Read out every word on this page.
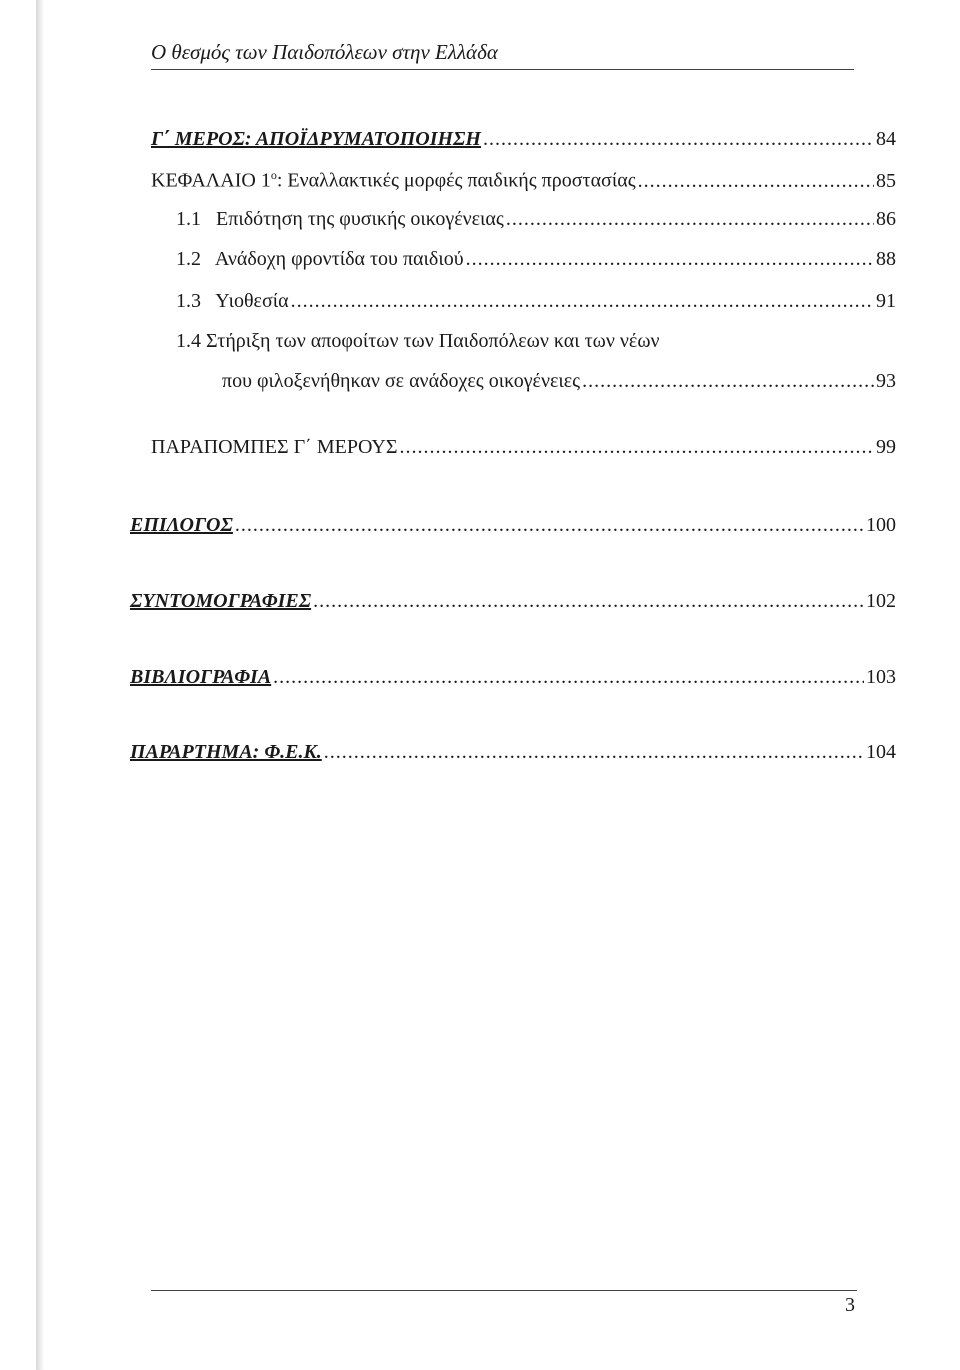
Ο θεσμός των Παιδοπόλεων στην Ελλάδα
Γ΄ ΜΕΡΟΣ: ΑΠΟΪΔΡΥΜΑΤΟΠΟΙΗΣΗ .....	84
ΚΕΦΑΛΑΙΟ $1^o$: Εναλλακτικές μορφές παιδικής προστασίας .....	85
1.1   Επιδότηση της φυσικής οικογένειας .....	86
1.2   Ανάδοχη φροντίδα του παιδιού .....	88
1.3   Υιοθεσία .....	91
1.4 Στήριξη των αποφοίτων των Παιδοπόλεων και των νέων
που φιλοξενήθηκαν σε ανάδοχες οικογένειες .....	93
ΠΑΡΑΠΟΜΠΕΣ Γ΄ ΜΕΡΟΥΣ .....	99
ΕΠΙΛΟΓΟΣ .....	100
ΣΥΝΤΟΜΟΓΡΑΦΙΕΣ .....	102
ΒΙΒΛΙΟΓΡΑΦΙΑ .....	103
ΠΑΡΑΡΤΗΜΑ: Φ.Ε.Κ. .....	104
3
